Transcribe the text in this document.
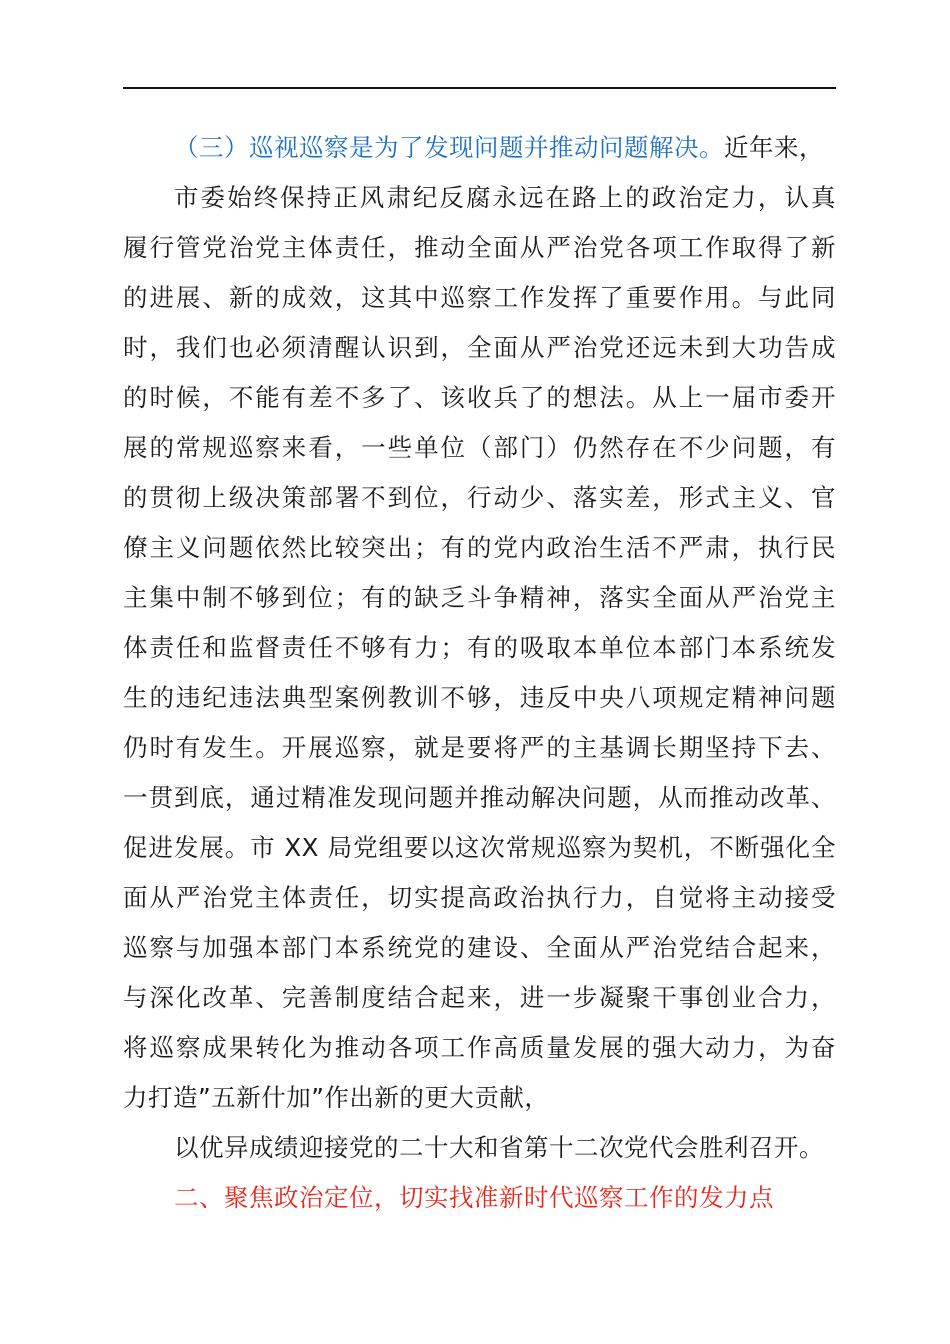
（三）巡视巡察是为了发现问题并推动问题解决。近年来，
市委始终保持正风肃纪反腐永远在路上的政治定力，认真
履行管党治党主体责任，推动全面从严治党各项工作取得了新
的进展、新的成效，这其中巡察工作发挥了重要作用。与此同
时，我们也必须清醒认识到，全面从严治党还远未到大功告成
的时候，不能有差不多了、该收兵了的想法。从上一届市委开
展的常规巡察来看，一些单位（部门）仍然存在不少问题，有
的贯彻上级决策部署不到位，行动少、落实差，形式主义、官
僚主义问题依然比较突出；有的党内政治生活不严肃，执行民
主集中制不够到位；有的缺乏斗争精神，落实全面从严治党主
体责任和监督责任不够有力；有的吸取本单位本部门本系统发
生的违纪违法典型案例教训不够，违反中央八项规定精神问题
仍时有发生。开展巡察，就是要将严的主基调长期坚持下去、
一贯到底，通过精准发现问题并推动解决问题，从而推动改革、
促进发展。市 XX 局党组要以这次常规巡察为契机，不断强化全
面从严治党主体责任，切实提高政治执行力，自觉将主动接受
巡察与加强本部门本系统党的建设、全面从严治党结合起来，
与深化改革、完善制度结合起来，进一步凝聚干事创业合力，
将巡察成果转化为推动各项工作高质量发展的强大动力，为奋
力打造”五新什加”作出新的更大贡献，
以优异成绩迎接党的二十大和省第十二次党代会胜利召开。
二、聚焦政治定位，切实找准新时代巡察工作的发力点
